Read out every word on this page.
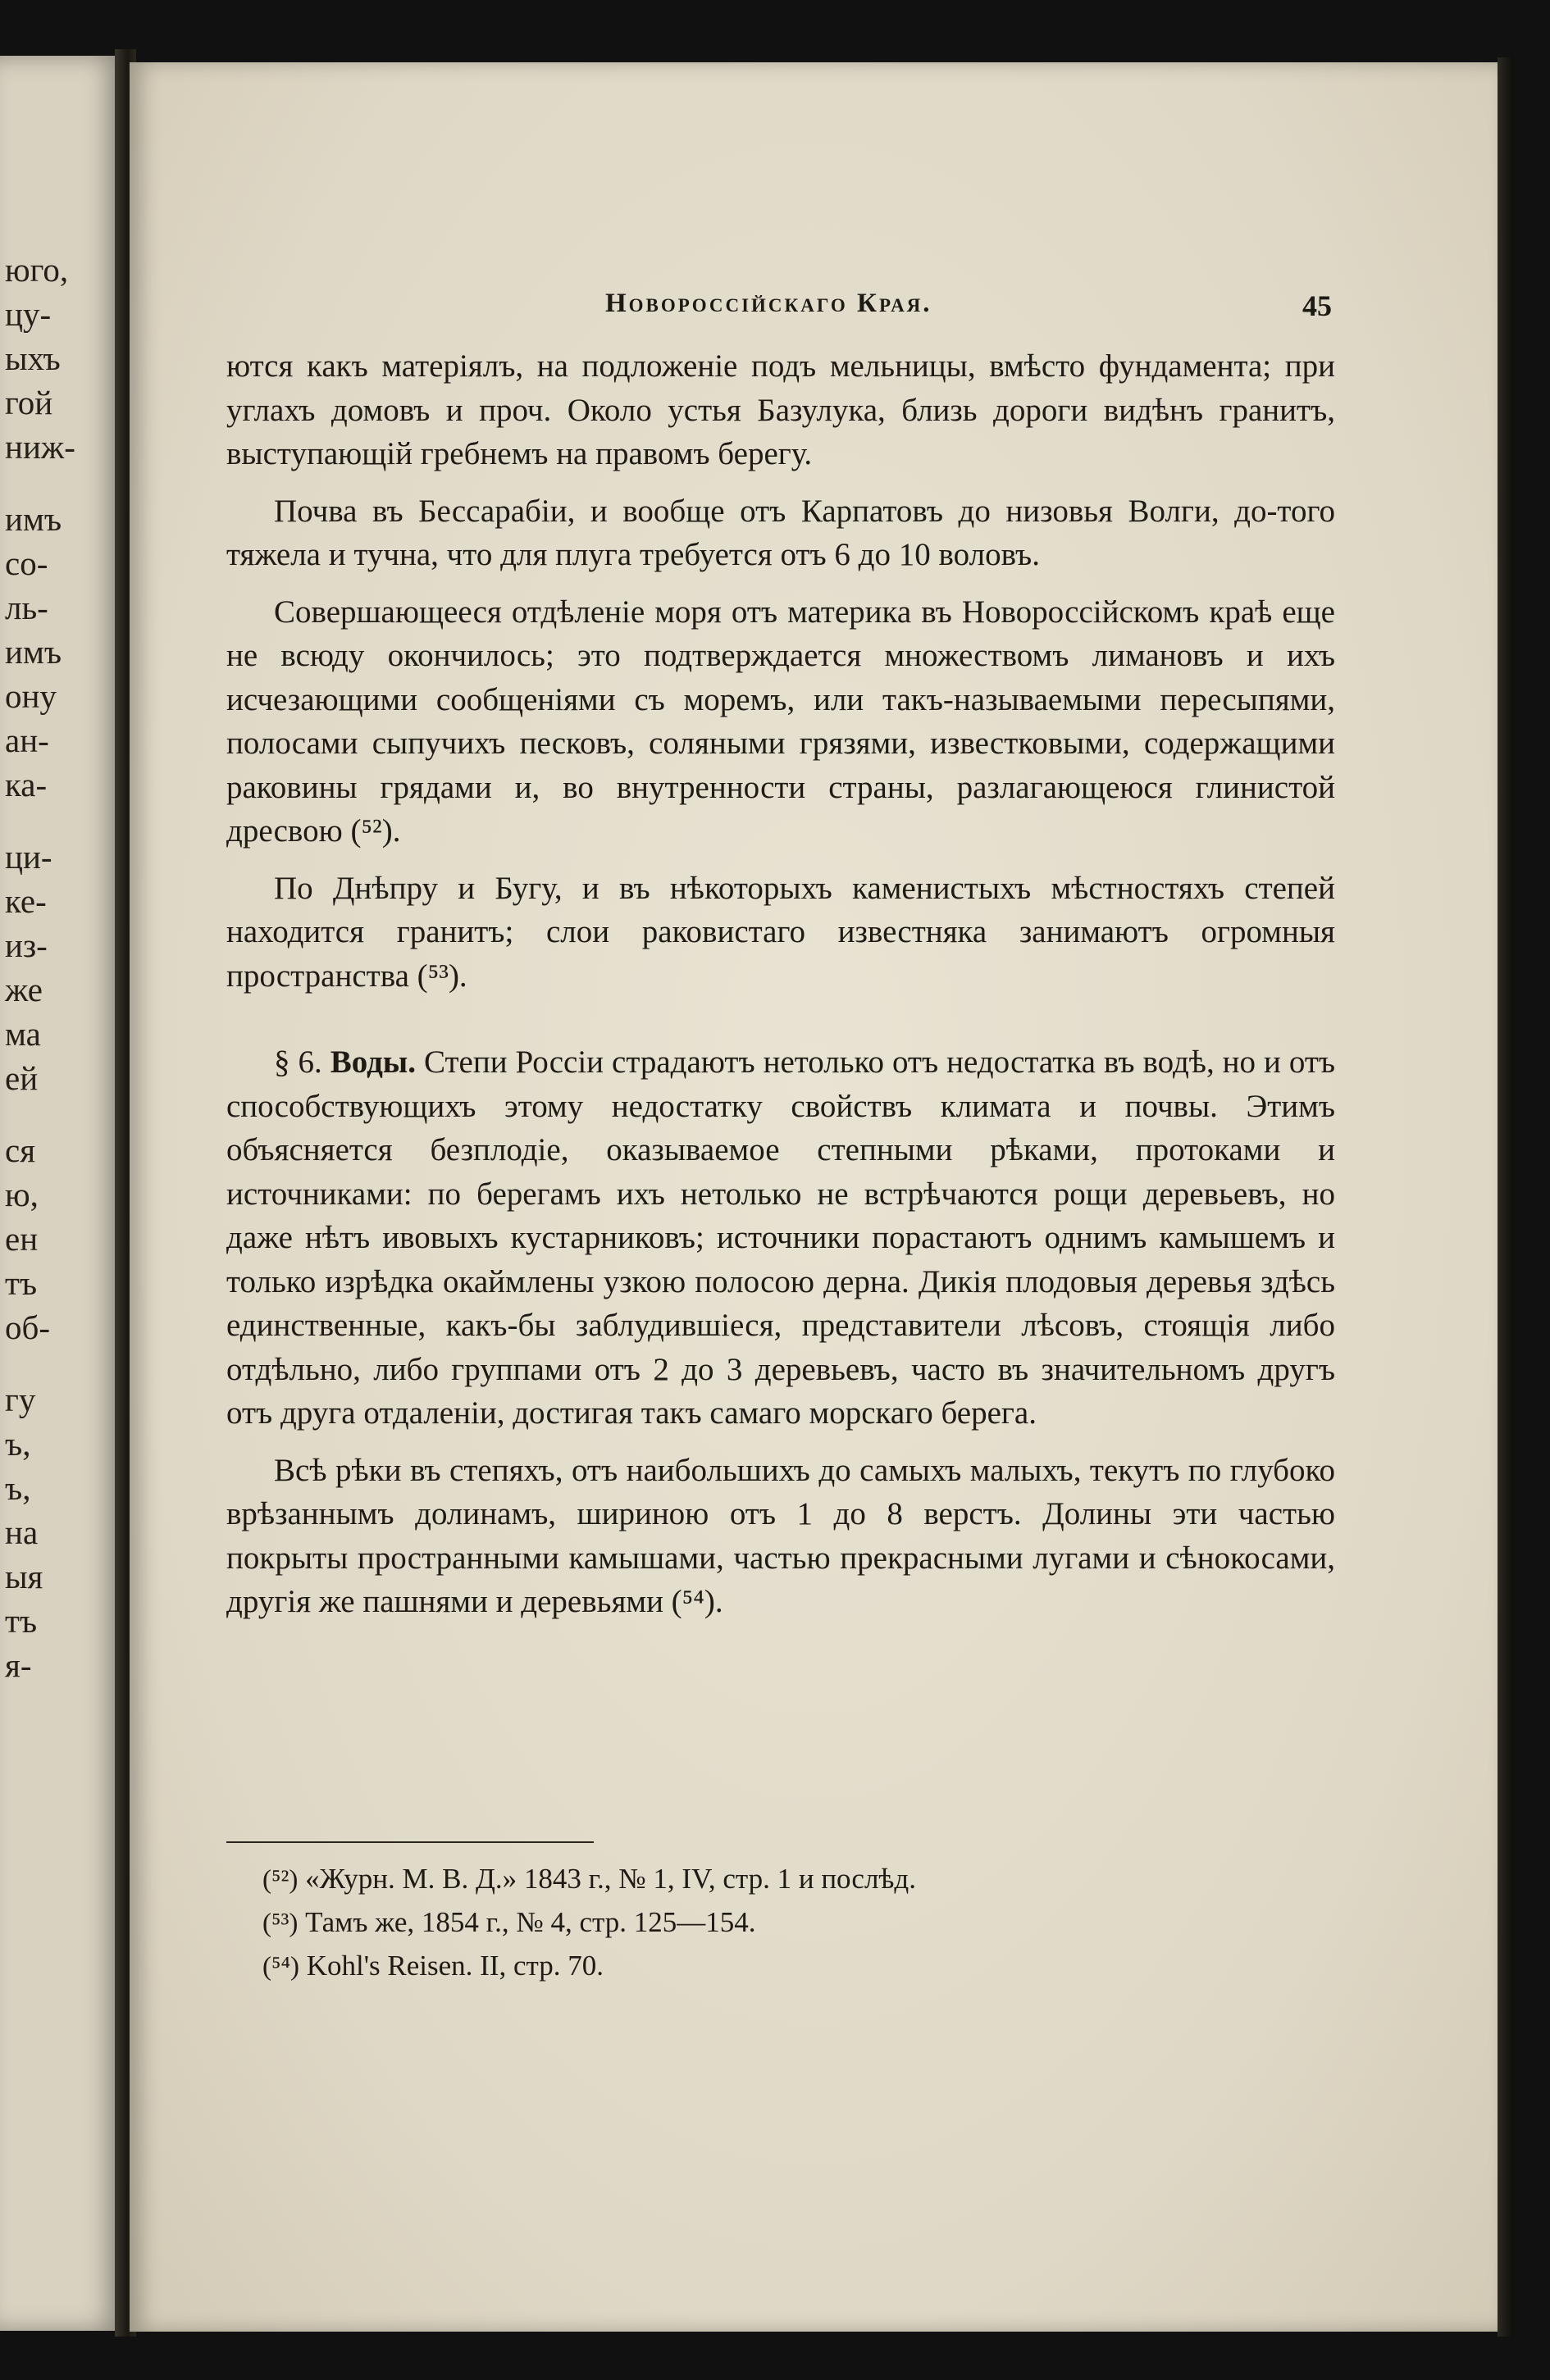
юго,
цу-
ыхъ
гой
ниж-
имъ
со-
ль-
имъ
ону
ан-
ка-
ци-
ке-
из-
же
ма
ей
ся
ю,
ен
тъ
об-
гу
ъ,
ъ,
на
ыя
тъ
я-
Новороссійскаго Края.	45

ются какъ матеріялъ, на подложеніе подъ мельницы, вмѣсто фундамента; при углахъ домовъ и проч. Около устья Базулука, близь дороги видѣнъ гранитъ, выступающій гребнемъ на правомъ берегу.

Почва въ Бессарабіи, и вообще отъ Карпатовъ до низовья Волги, до-того тяжела и тучна, что для плуга требуется отъ 6 до 10 воловъ.

Совершающееся отдѣленіе моря отъ материка въ Новороссійскомъ краѣ еще не всюду окончилось; это подтверждается множествомъ лимановъ и ихъ исчезающими сообщеніями съ моремъ, или такъ-называемыми пересыпями, полосами сыпучихъ песковъ, соляными грязями, известковыми, содержащими раковины грядами и, во внутренности страны, разлагающеюся глинистой дресвою (⁵²).

По Днѣпру и Бугу, и въ нѣкоторыхъ каменистыхъ мѣстностяхъ степей находится гранитъ; слои раковистаго известняка занимаютъ огромныя пространства (⁵³).

§ 6. Воды. Степи Россіи страдаютъ нетолько отъ недостатка въ водѣ, но и отъ способствующихъ этому недостатку свойствъ климата и почвы. Этимъ объясняется безплодіе, оказываемое степными рѣками, протоками и источниками: по берегамъ ихъ нетолько не встрѣчаются рощи деревьевъ, но даже нѣтъ ивовыхъ кустарниковъ; источники порастаютъ однимъ камышемъ и только изрѣдка окаймлены узкою полосою дерна. Дикія плодовыя деревья здѣсь единственные, какъ-бы заблудившіеся, представители лѣсовъ, стоящія либо отдѣльно, либо группами отъ 2 до 3 деревьевъ, часто въ значительномъ другъ отъ друга отдаленіи, достигая такъ самаго морскаго берега.

Всѣ рѣки въ степяхъ, отъ наибольшихъ до самыхъ малыхъ, текутъ по глубоко врѣзаннымъ долинамъ, шириною отъ 1 до 8 верстъ. Долины эти частью покрыты пространными камышами, частью прекрасными лугами и сѣнокосами, другія же пашнями и деревьями (⁵⁴).

(⁵²) «Журн. М. В. Д.» 1843 г., № 1, IV, стр. 1 и послѣд.
(⁵³) Тамъ же, 1854 г., № 4, стр. 125—154.
(⁵⁴) Kohl's Reisen. II, стр. 70.
